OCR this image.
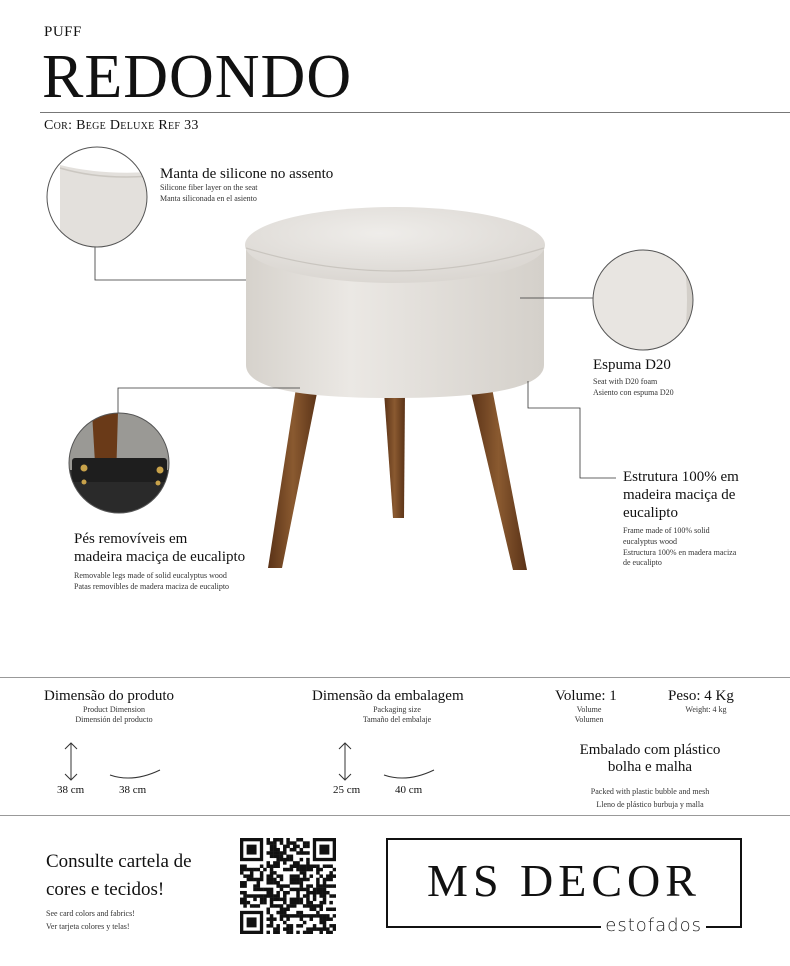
PUFF
REDONDO
Cor: Bege Deluxe Ref 33
Manta de silicone no assento
Silicone fiber layer on the seat
Manta siliconada en el asiento
Espuma D20
Seat with D20 foam
Asiento con espuma D20
Estrutura 100% em
madeira maciça de
eucalipto
Frame made of 100% solid
eucalyptus wood
Estructura 100% en madera maciza
de eucalipto
Pés removíveis em
madeira maciça de eucalipto
Removable legs made of solid eucalyptus wood
Patas removibles de madera maciza de eucalipto
Dimensão do produto
Product Dimension
Dimensión del producto
38 cm	38 cm
Dimensão da embalagem
Packaging size
Tamaño del embalaje
25 cm	40 cm
Volume: 1
Volume
Volumen
Peso: 4 Kg
Weight: 4 kg
Embalado com plástico
bolha e malha
Packed with plastic bubble and mesh
Lleno de plástico burbuja y malla
Consulte cartela de
cores e tecidos!
See card colors and fabrics!
Ver tarjeta colores y telas!
MS DECOR
estofados
